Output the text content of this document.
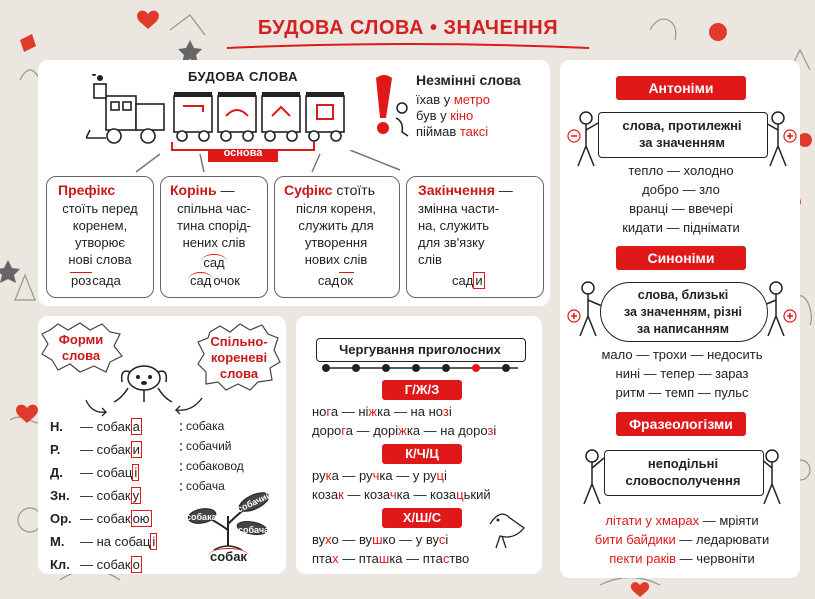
БУДОВА СЛОВА • ЗНАЧЕННЯ
БУДОВА СЛОВА
основа
Незмінні слова
їхав у метро
був у кіно
піймав таксі
Префікс
стоїть перед
коренем,
утворює
нові слова
розсада
Корінь —
спільна час-
тина спорід-
нених слів
сад
сад очок
Суфікс стоїть
після кореня,
служить для
утворення
нових слів
садок
Закінчення —
змінна части-
на, служить
для зв'язку
слів
сад и
Форми слова
Н. — собак а
Р. — собак и
Д. — собац і
Зн. — собак у
Ор. — собак ою
М. — на собац і
Кл. — собак о
Спільно-кореневі слова
собака
собачий
собаковод
собача
собака
собачий
собача
собак
Чергування приголосних
Г/Ж/З
нога — ніжка — на нозі
дорога — доріжка — на дорозі
К/Ч/Ц
рука — ручка — у руці
козак — козачка — козацький
Х/Ш/С
вухо — вушко — у вусі
птах — пташка — птаство
Антоніми
слова, протилежні
за значенням
тепло — холодно
добро — зло
вранці — ввечері
кидати — піднімати
Синоніми
слова, близькі
за значенням, різні
за написанням
мало — трохи — недосить
нині — тепер — зараз
ритм — темп — пульс
Фразеологізми
неподільні
словосполучення
літати у хмарах — мріяти
бити байдики — ледарювати
пекти раків — червоніти
